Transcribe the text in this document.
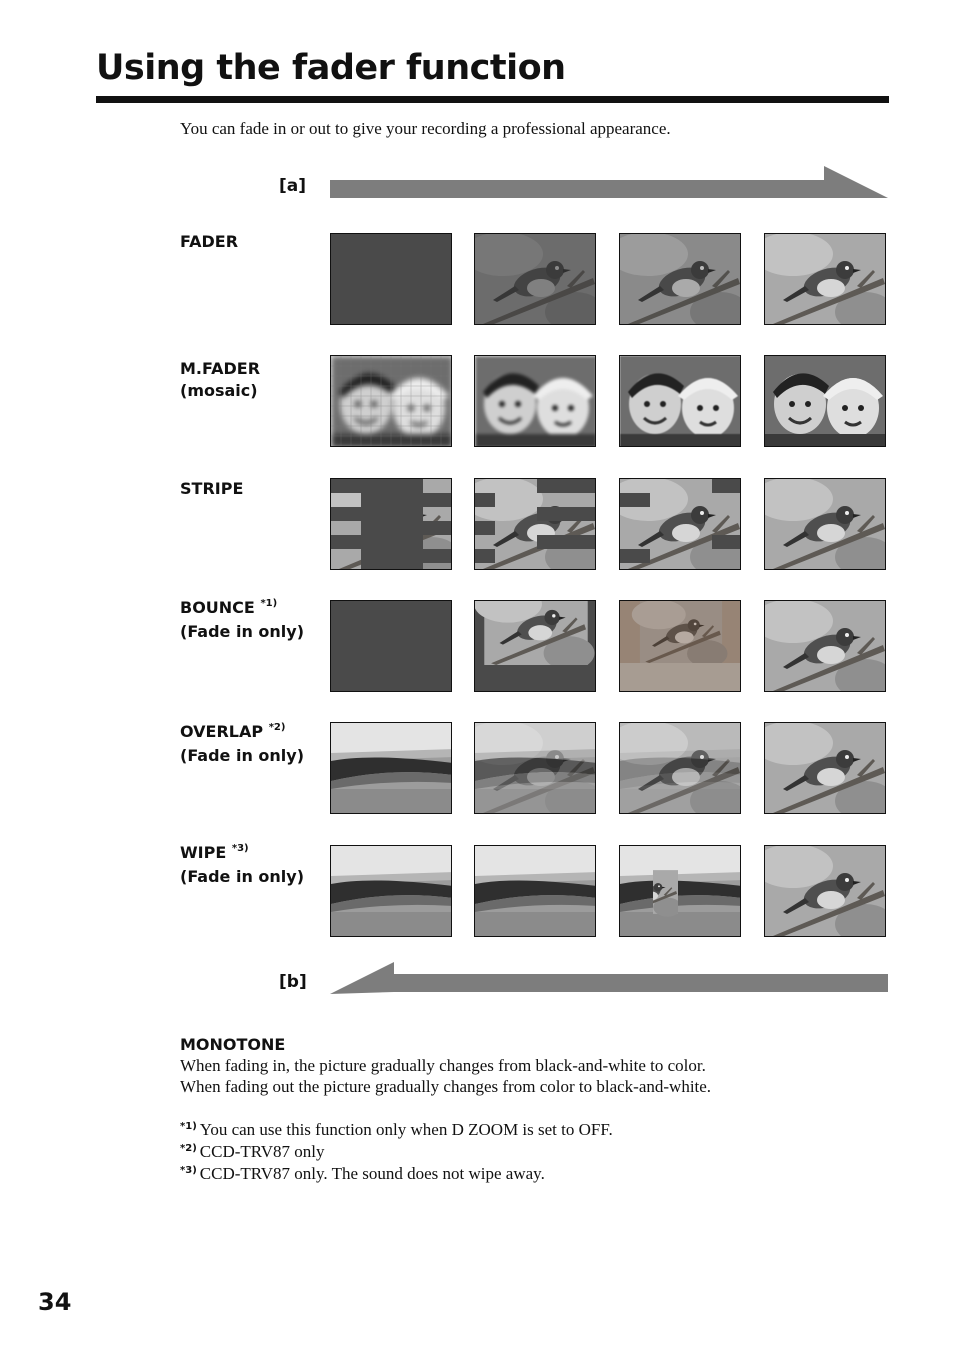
Using the fader function
You can fade in or out to give your recording a professional appearance.
[a]
FADER
M.FADER
(mosaic)
STRIPE
BOUNCE $^{*1)}$
(Fade in only)
OVERLAP $^{*2)}$
(Fade in only)
WIPE $^{*3)}$
(Fade in only)
[b]
MONOTONE
When fading in, the picture gradually changes from black-and-white to color.
When fading out the picture gradually changes from color to black-and-white.
$^{*1)}$ You can use this function only when D ZOOM is set to OFF.
$^{*2)}$ CCD-TRV87 only
$^{*3)}$ CCD-TRV87 only. The sound does not wipe away.
34
